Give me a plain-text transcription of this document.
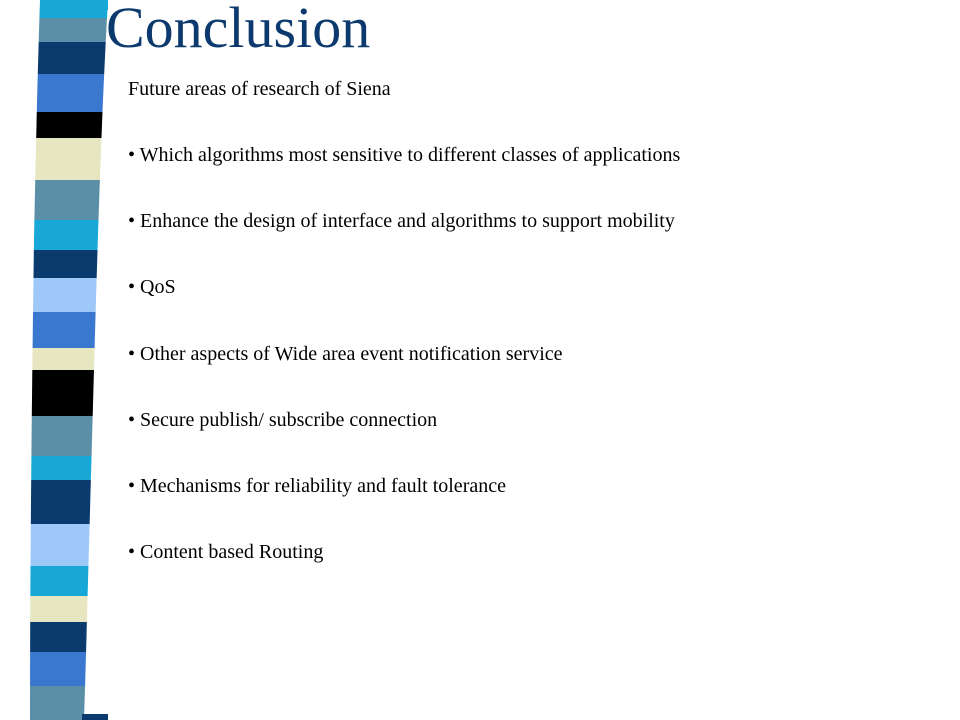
Conclusion

Future areas of research of Siena

• Which algorithms most sensitive to different classes of applications
• Enhance the design of interface and algorithms to support mobility
• QoS
• Other aspects of Wide area event notification service
• Secure publish/ subscribe connection
• Mechanisms for reliability and fault tolerance
• Content based Routing
